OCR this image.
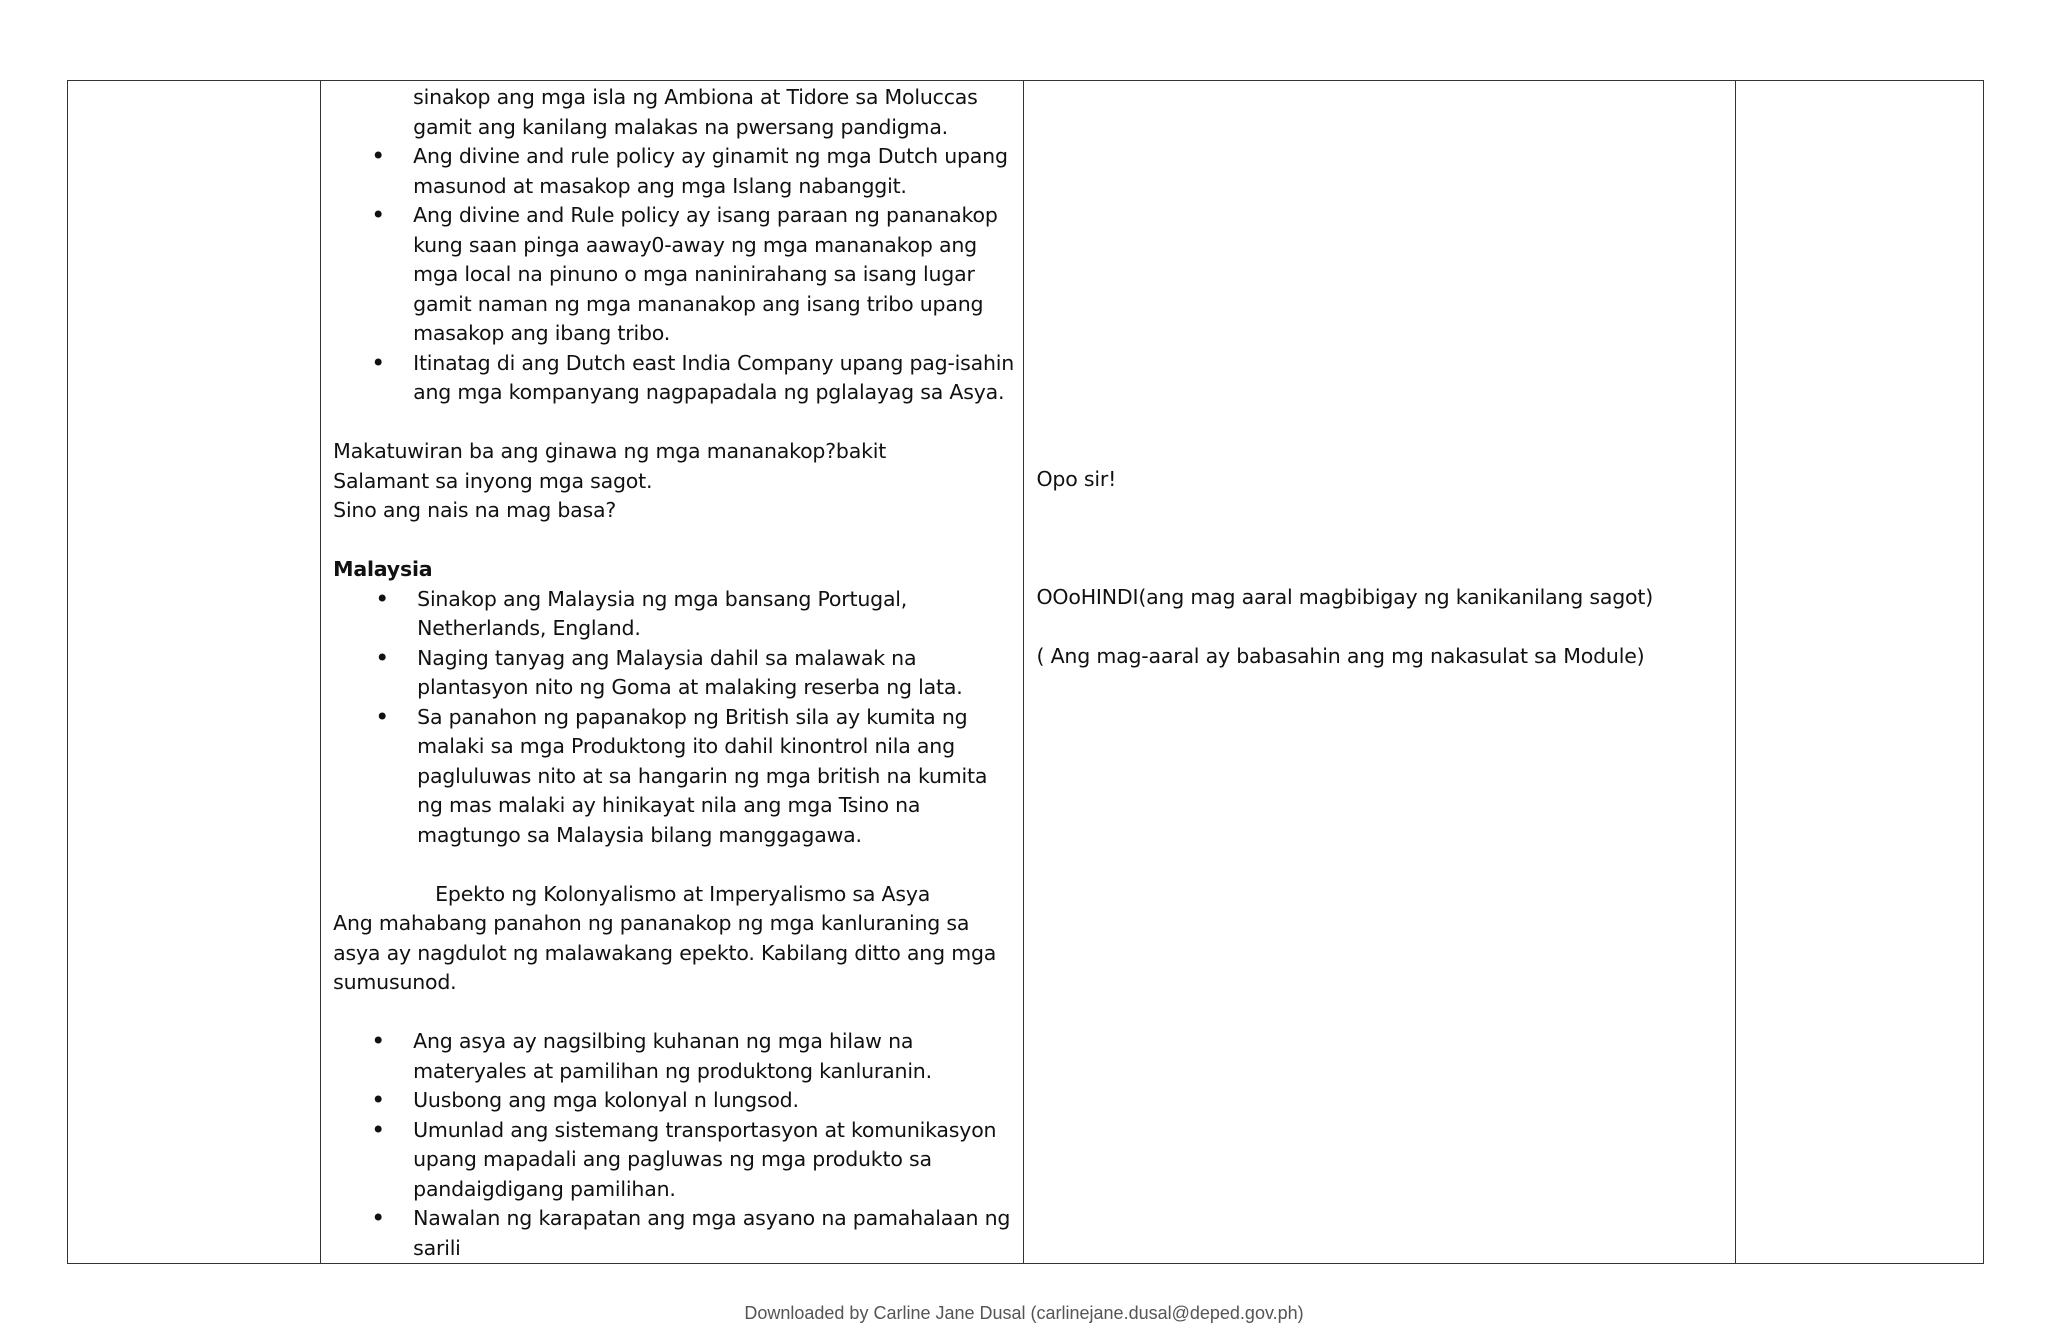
sinakop ang mga isla ng Ambiona at Tidore sa Moluccas gamit ang kanilang malakas na pwersang pandigma.
• Ang divine and rule policy ay ginamit ng mga Dutch upang masunod at masakop ang mga Islang nabanggit.
• Ang divine and Rule policy ay isang paraan ng pananakop kung saan pinga aaway0-away ng mga mananakop ang mga local na pinuno o mga naninirahang sa isang lugar gamit naman ng mga mananakop ang isang tribo upang masakop ang ibang tribo.
• Itinatag di ang Dutch east India Company upang pag-isahin ang mga kompanyang nagpapadala ng pglalayag sa Asya.

Makatuwiran ba ang ginawa ng mga mananakop?bakit

Salamant sa inyong mga sagot.

Sino ang nais na mag basa?

Malaysia

• Sinakop ang Malaysia ng mga bansang Portugal, Netherlands, England.
• Naging tanyag ang Malaysia dahil sa malawak na plantasyon nito ng Goma at malaking reserba ng lata.
• Sa panahon ng papanakop ng British sila ay kumita ng malaki sa mga Produktong ito dahil kinontrol nila ang pagluluwas nito at sa hangarin ng mga british na kumita ng mas malaki ay hinikayat nila ang mga Tsino na magtungo sa Malaysia bilang manggagawa.

Epekto ng Kolonyalismo at Imperyalismo sa Asya

Ang mahabang panahon ng pananakop ng mga kanluraning sa asya ay nagdulot ng malawakang epekto. Kabilang ditto ang mga sumusunod.

• Ang asya ay nagsilbing kuhanan ng mga hilaw na materyales at pamilihan ng produktong kanluranin.
• Uusbong ang mga kolonyal n lungsod.
• Umunlad ang sistemang transportasyon at komunikasyon upang mapadali ang pagluwas ng mga produkto sa pandaigdigang pamilihan.
• Nawalan ng karapatan ang mga asyano na pamahalaan ng sarili

Opo sir!

OOoHINDI(ang mag aaral magbibigay ng kanikanilang sagot)

( Ang mag-aaral ay babasahin ang mg nakasulat sa Module)

Downloaded by Carline Jane Dusal (carlinejane.dusal@deped.gov.ph)
